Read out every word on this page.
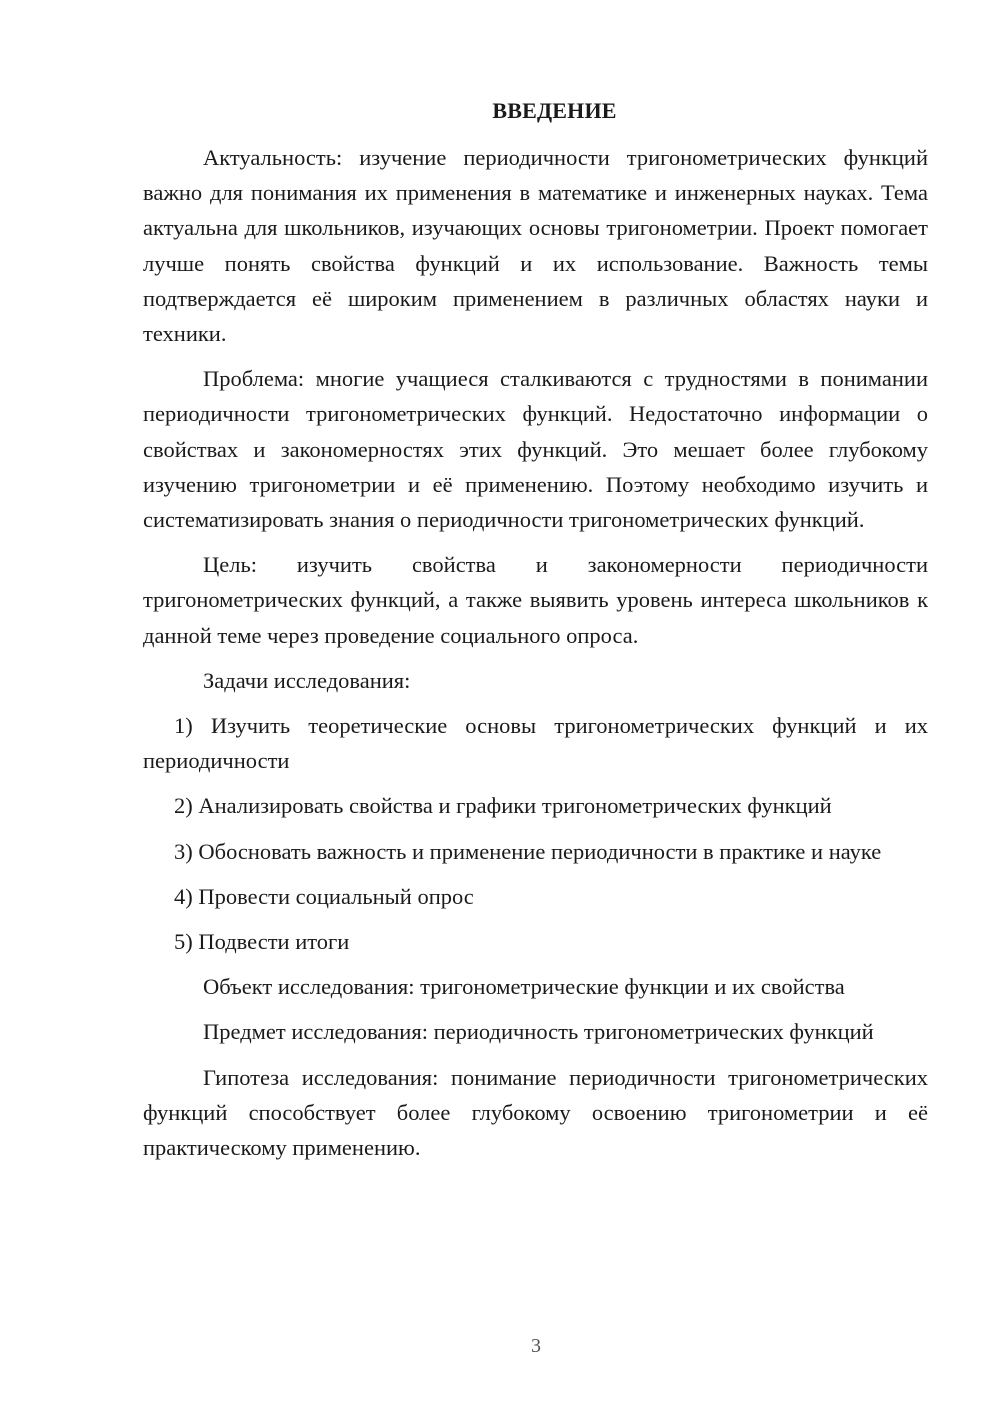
ВВЕДЕНИЕ

Актуальность: изучение периодичности тригонометрических функций важно для понимания их применения в математике и инженерных науках. Тема актуальна для школьников, изучающих основы тригонометрии. Проект помогает лучше понять свойства функций и их использование. Важность темы подтверждается её широким применением в различных областях науки и техники.

Проблема: многие учащиеся сталкиваются с трудностями в понимании периодичности тригонометрических функций. Недостаточно информации о свойствах и закономерностях этих функций. Это мешает более глубокому изучению тригонометрии и её применению. Поэтому необходимо изучить и систематизировать знания о периодичности тригонометрических функций.

Цель: изучить свойства и закономерности периодичности тригонометрических функций, а также выявить уровень интереса школьников к данной теме через проведение социального опроса.

Задачи исследования:

1) Изучить теоретические основы тригонометрических функций и их периодичности

2) Анализировать свойства и графики тригонометрических функций

3) Обосновать важность и применение периодичности в практике и науке

4) Провести социальный опрос

5) Подвести итоги

Объект исследования: тригонометрические функции и их свойства

Предмет исследования: периодичность тригонометрических функций

Гипотеза исследования: понимание периодичности тригонометрических функций способствует более глубокому освоению тригонометрии и её практическому применению.

3
